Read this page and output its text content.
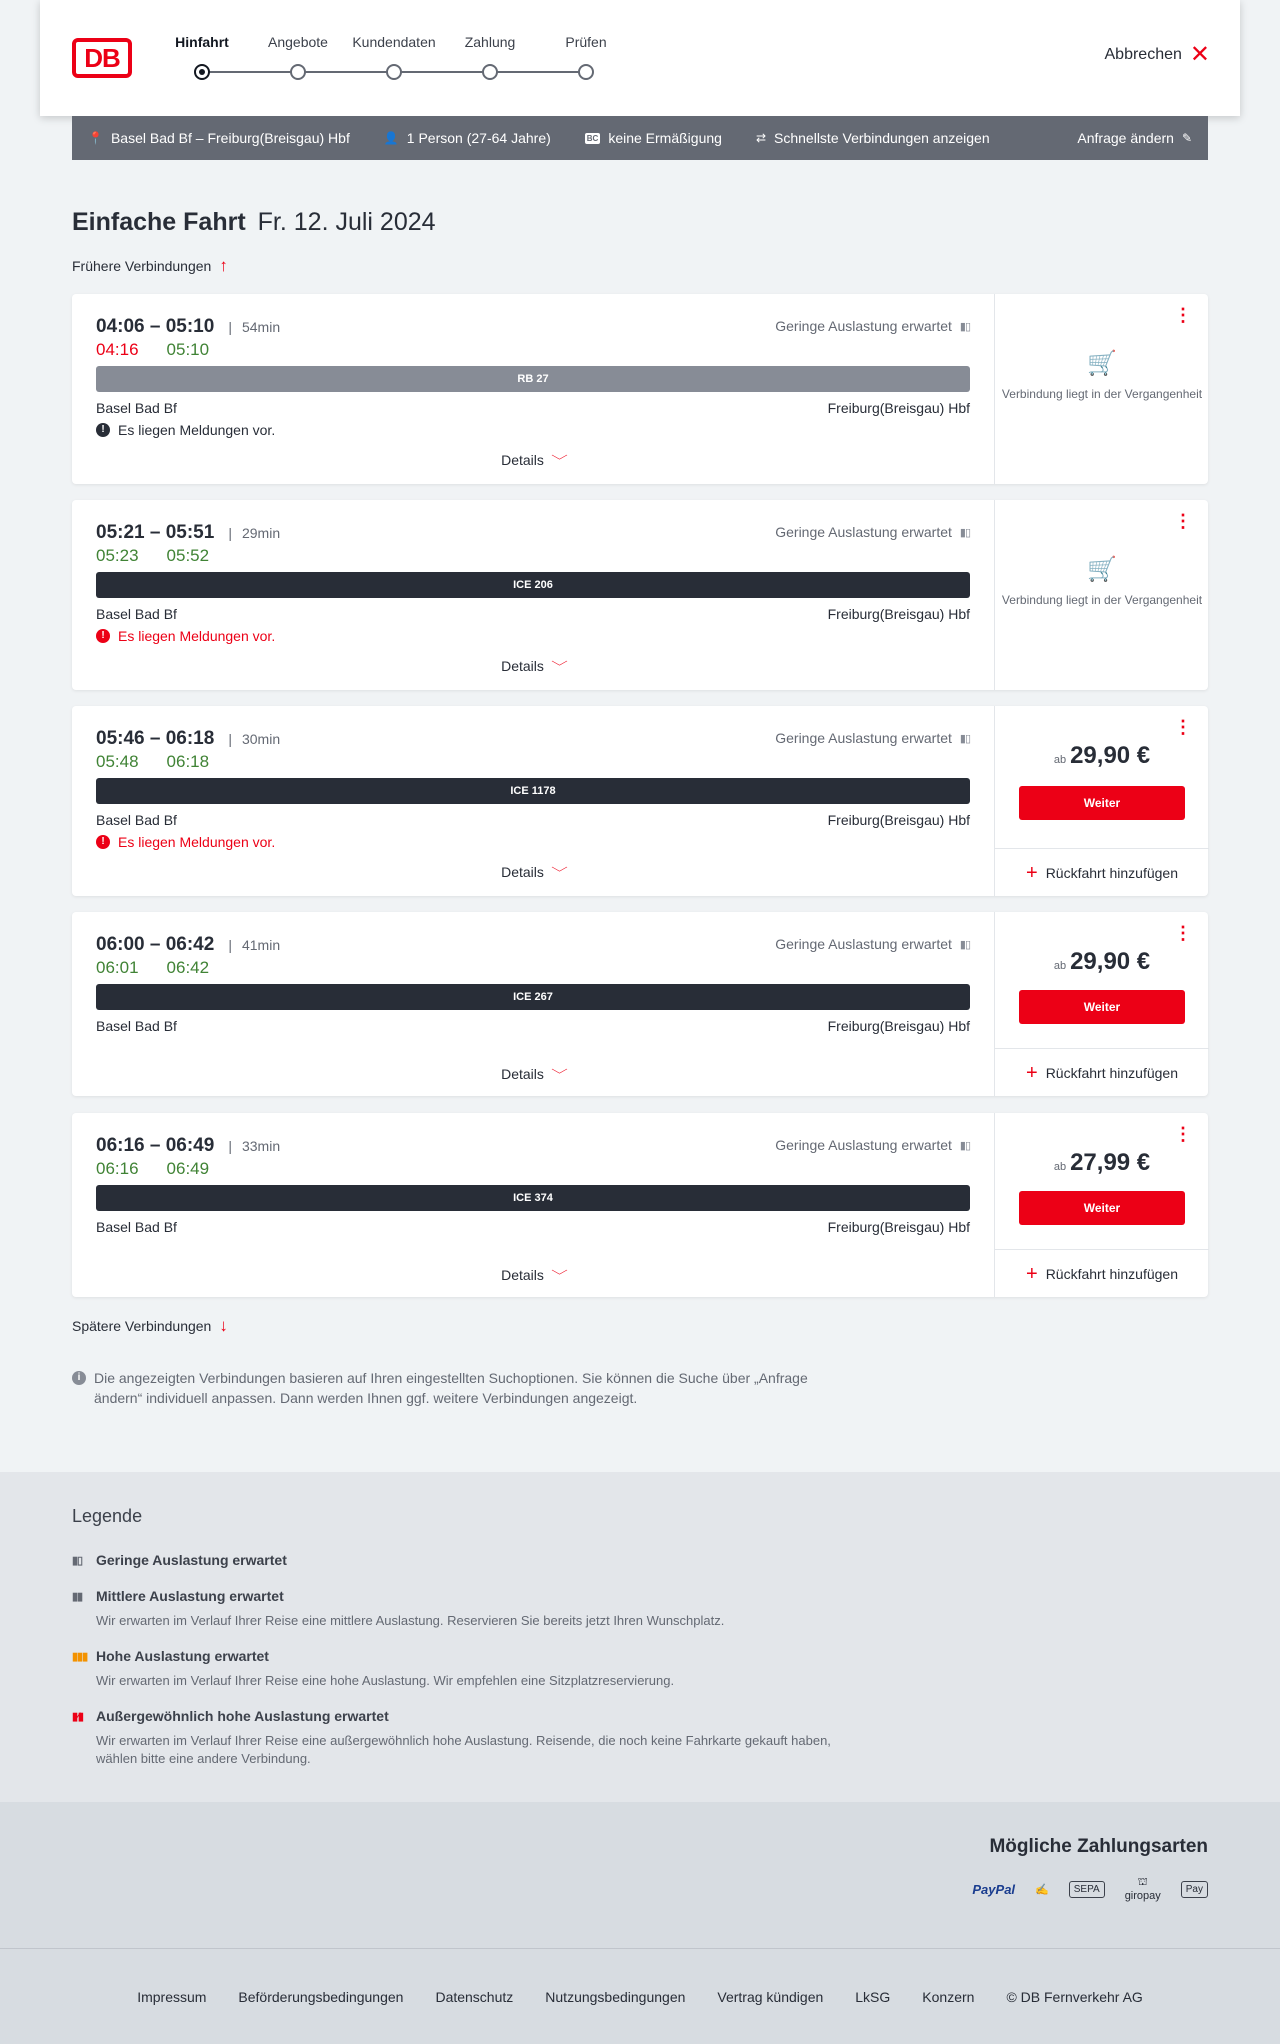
DB
Hinfahrt	Angebote	Kundendaten	Zahlung	Prüfen
Abbrechen ✕
📍 Basel Bad Bf – Freiburg(Breisgau) Hbf	👤 1 Person (27-64 Jahre)	BC keine Ermäßigung	⇄ Schnellste Verbindungen anzeigen	Anfrage ändern ✎
Einfache Fahrt Fr. 12. Juli 2024
Frühere Verbindungen ↑
04:06 – 05:10 | 54min
04:16 05:10
Geringe Auslastung erwartet ▮▯
RB 27
Basel Bad Bf	Freiburg(Breisgau) Hbf
! Es liegen Meldungen vor.
Details ﹀
⋮
🛒
Verbindung liegt in der Vergangenheit
05:21 – 05:51 | 29min
05:23 05:52
Geringe Auslastung erwartet ▮▯
ICE 206
Basel Bad Bf	Freiburg(Breisgau) Hbf
! Es liegen Meldungen vor.
Details ﹀
⋮
🛒
Verbindung liegt in der Vergangenheit
05:46 – 06:18 | 30min
05:48 06:18
Geringe Auslastung erwartet ▮▯
ICE 1178
Basel Bad Bf	Freiburg(Breisgau) Hbf
! Es liegen Meldungen vor.
Details ﹀
⋮
ab 29,90 €
Weiter
+ Rückfahrt hinzufügen
06:00 – 06:42 | 41min
06:01 06:42
Geringe Auslastung erwartet ▮▯
ICE 267
Basel Bad Bf	Freiburg(Breisgau) Hbf
Details ﹀
⋮
ab 29,90 €
Weiter
+ Rückfahrt hinzufügen
06:16 – 06:49 | 33min
06:16 06:49
Geringe Auslastung erwartet ▮▯
ICE 374
Basel Bad Bf	Freiburg(Breisgau) Hbf
Details ﹀
⋮
ab 27,99 €
Weiter
+ Rückfahrt hinzufügen
Spätere Verbindungen ↓
i Die angezeigten Verbindungen basieren auf Ihren eingestellten Suchoptionen. Sie können die Suche über „Anfrage ändern“ individuell anpassen. Dann werden Ihnen ggf. weitere Verbindungen angezeigt.
Legende
▮▯ Geringe Auslastung erwartet
▮▮ Mittlere Auslastung erwartet
Wir erwarten im Verlauf Ihrer Reise eine mittlere Auslastung. Reservieren Sie bereits jetzt Ihren Wunschplatz.
▮▮▮ Hohe Auslastung erwartet
Wir erwarten im Verlauf Ihrer Reise eine hohe Auslastung. Wir empfehlen eine Sitzplatzreservierung.
▮⁄▮ Außergewöhnlich hohe Auslastung erwartet
Wir erwarten im Verlauf Ihrer Reise eine außergewöhnlich hohe Auslastung. Reisende, die noch keine Fahrkarte gekauft haben, wählen bitte eine andere Verbindung.
Mögliche Zahlungsarten
PayPal ✍	SEPA
⛫
giropay
Pay
Impressum Beförderungsbedingungen Datenschutz Nutzungsbedingungen Vertrag kündigen LkSG Konzern © DB Fernverkehr AG
